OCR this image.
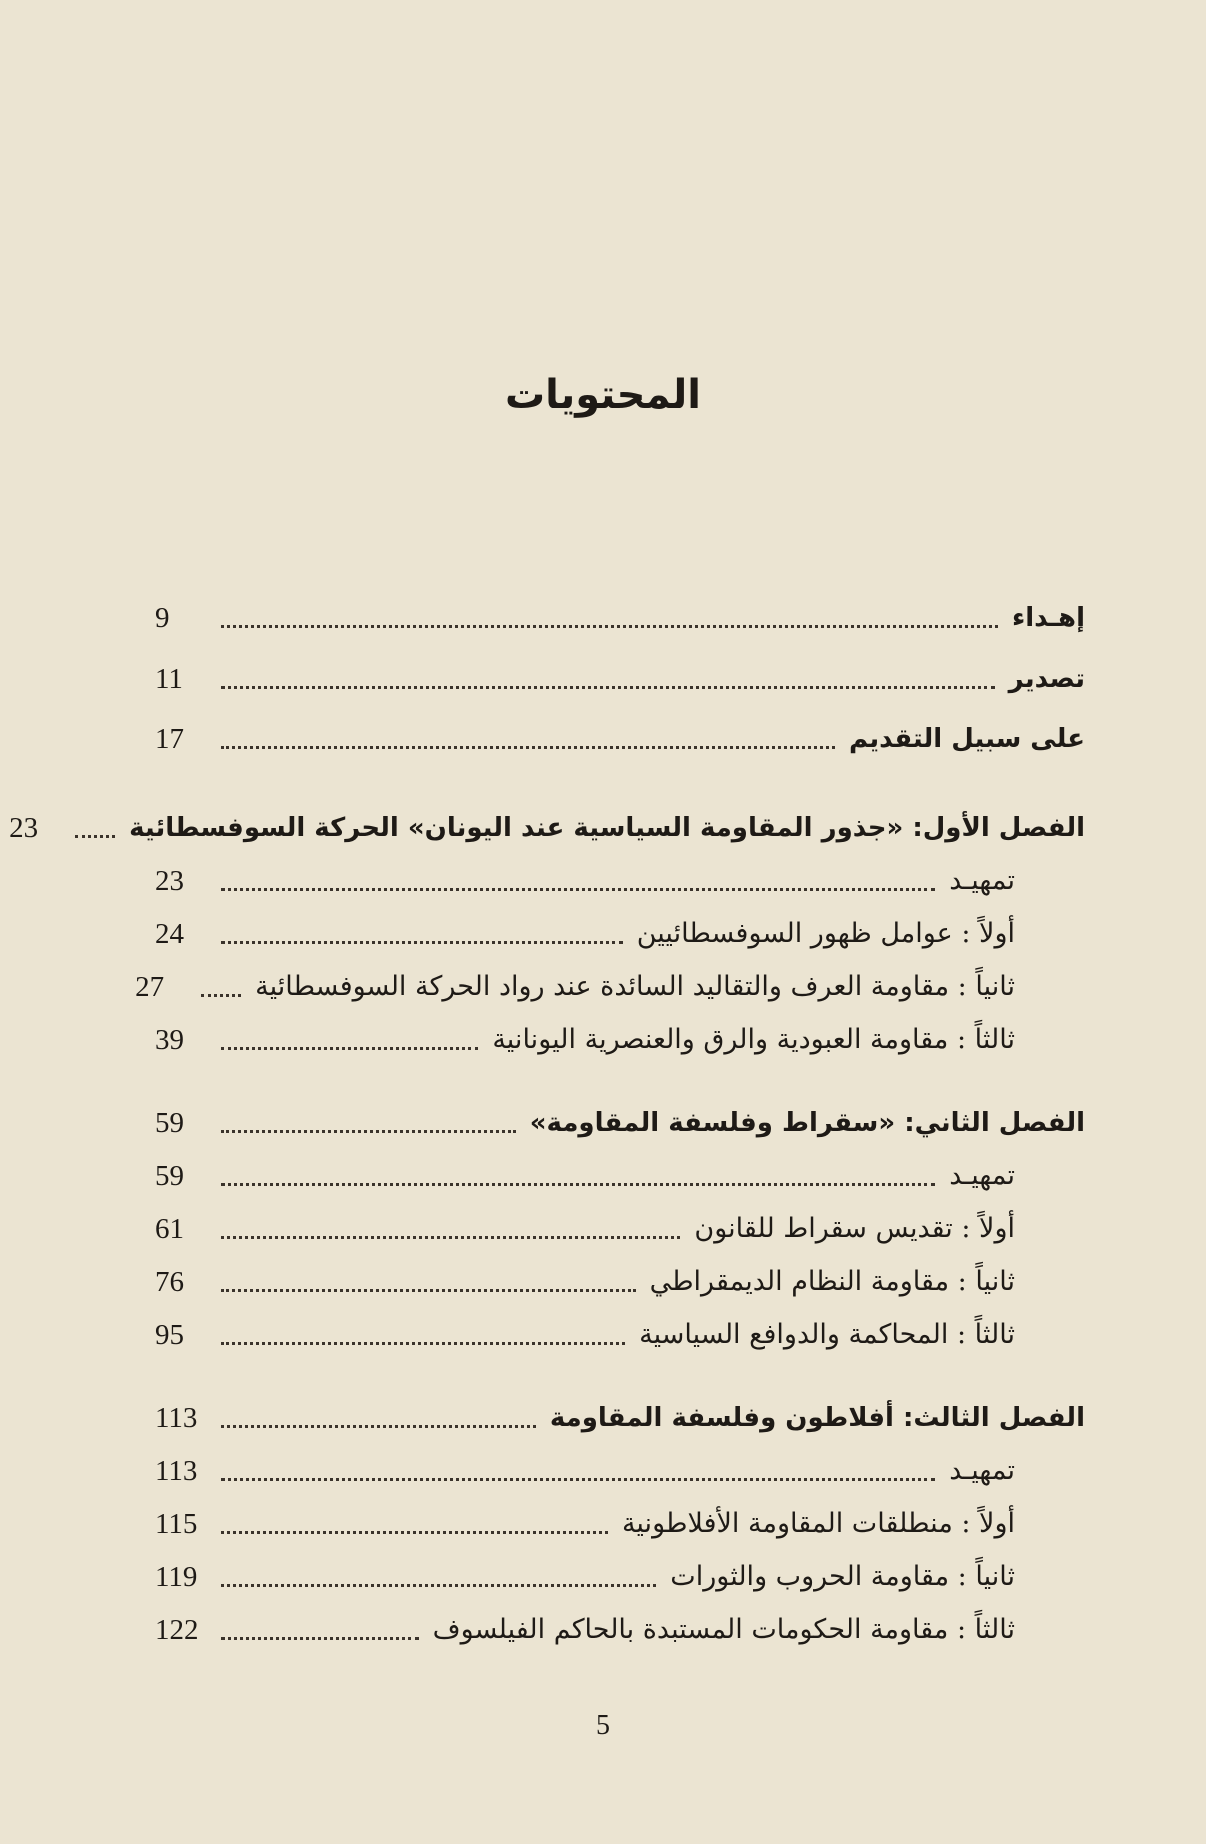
المحتويات
إهـداء
9
تصدير
11
على سبيل التقديم
17
الفصل الأول: «جذور المقاومة السياسية عند اليونان» الحركة السوفسطائية
23
تمهيـد
23
أولاً : عوامل ظهور السوفسطائيين
24
ثانياً : مقاومة العرف والتقاليد السائدة عند رواد الحركة السوفسطائية
27
ثالثاً : مقاومة العبودية والرق والعنصرية اليونانية
39
الفصل الثاني: «سقراط وفلسفة المقاومة»
59
تمهيـد
59
أولاً : تقديس سقراط للقانون
61
ثانياً : مقاومة النظام الديمقراطي
76
ثالثاً : المحاكمة والدوافع السياسية
95
الفصل الثالث: أفلاطون وفلسفة المقاومة
113
تمهيـد
113
أولاً : منطلقات المقاومة الأفلاطونية
115
ثانياً : مقاومة الحروب والثورات
119
ثالثاً : مقاومة الحكومات المستبدة بالحاكم الفيلسوف
122
5
